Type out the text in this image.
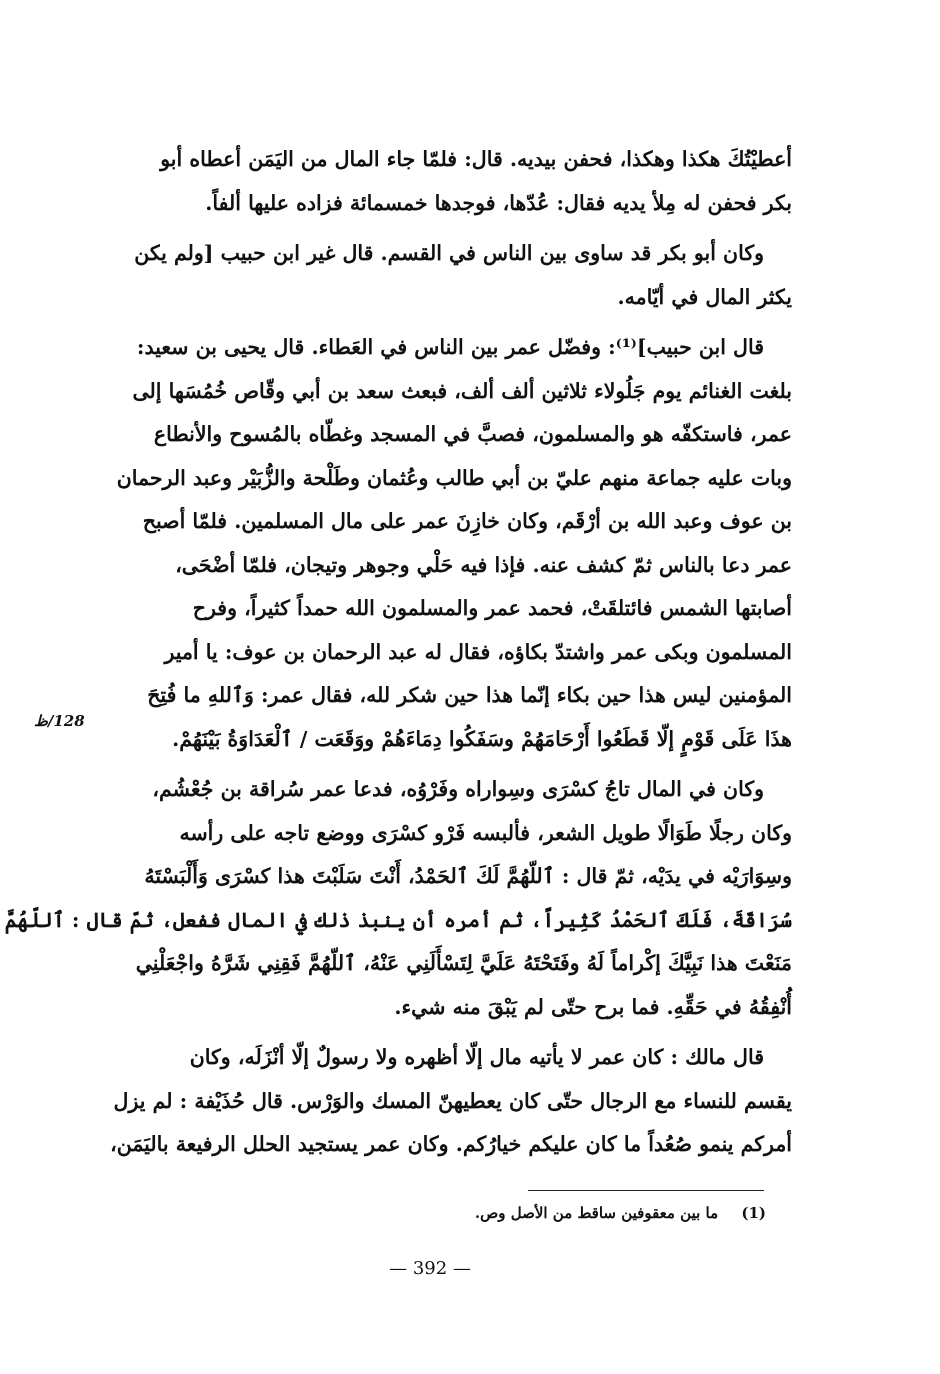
أعطيْتُكَ هكذا وهكذا، فحفن بيديه. قال: فلمّا جاء المال من اليَمَن أعطاه أبو
بكر فحفن له مِلأ يديه فقال: عُدّها، فوجدها خمسمائة فزاده عليها ألفاً.

وكان أبو بكر قد ساوى بين الناس في القسم. قال غير ابن حبيب [ولم يكن
يكثر المال في أيّامه.

قال ابن حبيب]⁽¹⁾: وفضّل عمر بين الناس في العَطاء. قال يحيى بن سعيد:
بلغت الغنائم يوم جَلُولاء ثلاثين ألف ألف، فبعث سعد بن أبي وقّاص خُمُسَها إلى
عمر، فاستكفّه هو والمسلمون، فصبَّ في المسجد وغطّاه بالمُسوح والأنطاع
وبات عليه جماعة منهم عليّ بن أبي طالب وعُثمان وطَلْحة والزُّبَيْر وعبد الرحمان
بن عوف وعبد الله بن أرْقَم، وكان خازِنَ عمر على مال المسلمين. فلمّا أصبح
عمر دعا بالناس ثمّ كشف عنه. فإذا فيه حَلْي وجوهر وتيجان، فلمّا أضْحَى،
أصابتها الشمس فائتلقَتْ، فحمد عمر والمسلمون الله حمداً كثيراً، وفرح
المسلمون وبكى عمر واشتدّ بكاؤه، فقال له عبد الرحمان بن عوف: يا أمير
المؤمنين ليس هذا حين بكاء إنّما هذا حين شكر لله، فقال عمر: وَٱللهِ ما فُتِحَ
هذَا عَلَى قَوْمٍ إلّا قَطَعُوا أَرْحَامَهُمْ وسَفَكُوا دِمَاءَهُمْ ووَقَعَت / ٱلْعَدَاوَةُ بَيْنَهُمْ.

وكان في المال تاجُ كسْرَى وسِواراه وفَرْوُه، فدعا عمر سُراقة بن جُعْشُم،
وكان رجلًا طَوَالًا طويل الشعر، فألبسه فَرْو كسْرَى ووضع تاجه على رأسه
وسِوَارَيْه في يدَيْه، ثمّ قال : ٱللّهُمَّ لَكَ ٱلحَمْدُ، أَنْتَ سَلَبْتَ هذا كسْرَى وَأَلْبَسْتَهُ
سُرَاقَةَ، فَلَكَ ٱلحَمْدُ كَثِيراً، ثم أمره أن ينبذ ذلك في المال ففعل، ثمّ قال : ٱللّهُمَّ
مَنَعْتَ هذا نَبِيَّكَ إكْراماً لَهُ وفَتَحْتَهُ عَلَيَّ لِتَسْأَلَنِي عَنْهُ، ٱللّهُمَّ فَقِنِي شَرَّهُ واجْعَلْنِي
أُنْفِقُهُ في حَقِّهِ. فما برح حتّى لم يَبْقَ منه شيء.

قال مالك : كان عمر لا يأتيه مال إلّا أظهره ولا رسولٌ إلّا أنْزَلَه، وكان
يقسم للنساء مع الرجال حتّى كان يعطيهنّ المسك والوَرْس. قال حُذَيْفة : لم يزل
أمركم ينمو صُعُداً ما كان عليكم خيارُكم. وكان عمر يستجيد الحلل الرفيعة باليَمَن،

128/ظ
(1) ما بين معقوفين ساقط من الأصل وص.
— 392 —
